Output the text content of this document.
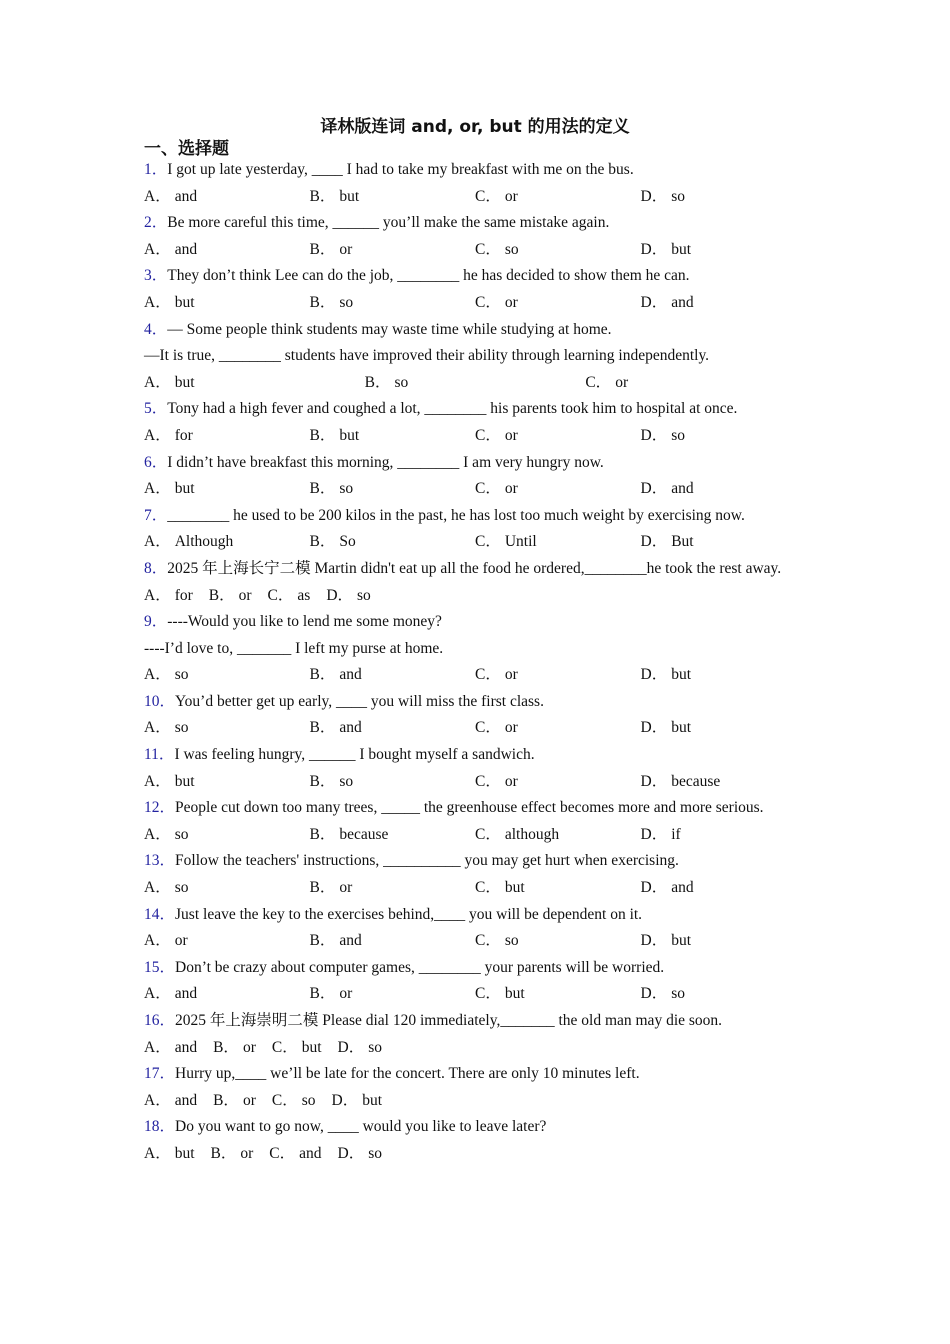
译林版连词 and, or, but 的用法的定义
一、选择题
1．I got up late yesterday, ____ I had to take my breakfast with me on the bus.
A． and	B． but	C． or	D． so
2．Be more careful this time, ______ you’ll make the same mistake again.
A． and	B． or	C． so	D． but
3．They don’t think Lee can do the job, ________ he has decided to show them he can.
A． but	B． so	C． or	D． and
4．— Some people think students may waste time while studying at home.
—It is true, ________ students have improved their ability through learning independently.
A． but	B． so	C． or
5．Tony had a high fever and coughed a lot, ________ his parents took him to hospital at once.
A． for	B． but	C． or	D． so
6．I didn’t have breakfast this morning, ________ I am very hungry now.
A． but	B． so	C． or	D． and
7．________ he used to be 200 kilos in the past, he has lost too much weight by exercising now.
A． Although	B． So	C． Until	D． But
8．2025 年上海长宁二模 Martin didn't eat up all the food he ordered,________he took the rest away.
A． for B． or C． as D． so
9．----Would you like to lend me some money?
----I’d love to, _______ I left my purse at home.
A． so	B． and	C． or	D． but
10．You’d better get up early, ____ you will miss the first class.
A． so	B． and	C． or	D． but
11．I was feeling hungry, ______ I bought myself a sandwich.
A． but	B． so	C． or	D． because
12．People cut down too many trees, _____ the greenhouse effect becomes more and more serious.
A． so	B． because	C． although	D． if
13．Follow the teachers' instructions, __________ you may get hurt when exercising.
A． so	B． or	C． but	D． and
14．Just leave the key to the exercises behind,____ you will be dependent on it.
A． or	B． and	C． so	D． but
15．Don’t be crazy about computer games, ________ your parents will be worried.
A． and	B． or	C． but	D． so
16．2025 年上海崇明二模 Please dial 120 immediately,_______ the old man may die soon.
A． and B． or C． but D． so
17．Hurry up,____ we’ll be late for the concert. There are only 10 minutes left.
A． and B． or C． so D． but
18．Do you want to go now, ____ would you like to leave later?
A． but B． or C． and D． so
